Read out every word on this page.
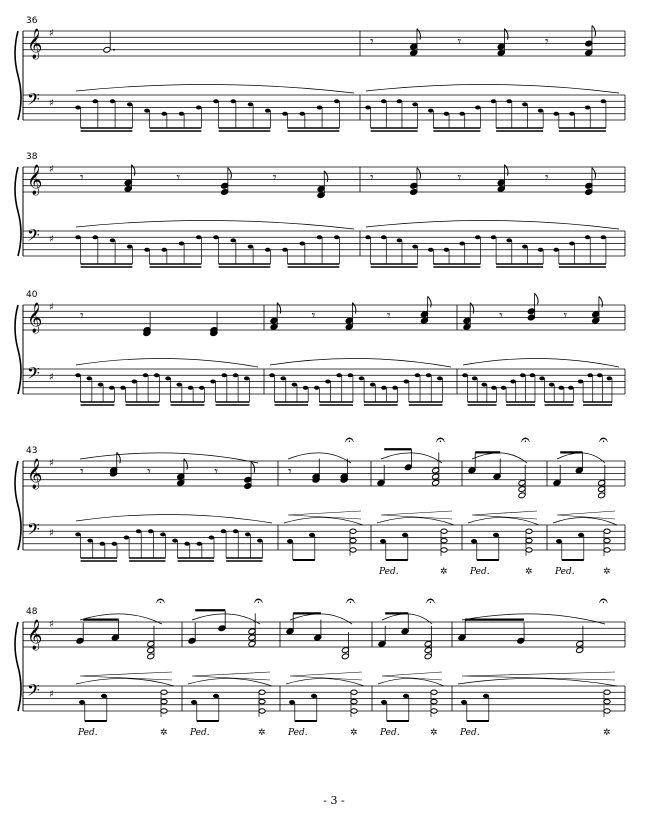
36
𝄞
𝄢
♯
♯
𝄾	𝄾	𝄾
38
𝄞
𝄢
♯
♯
𝄾	𝄾	𝄾	𝄾	𝄾	𝄾
40
𝄞
𝄢
♯
♯
𝄾	𝄾	𝄾	𝄾	𝄾
43
𝄞
𝄢
♯
♯
𝄾	𝄾	𝄾	𝄾
𝄐	𝄐	𝄐	𝄐
Ped.	✲ Ped.	✲ Ped.	✲
48
𝄞
𝄢
♯
♯
𝄐	𝄐	𝄐	𝄐	𝄐
Ped.	✲ Ped.	✲ Ped.	✲ Ped.	✲ Ped.	✲
- 3 -
